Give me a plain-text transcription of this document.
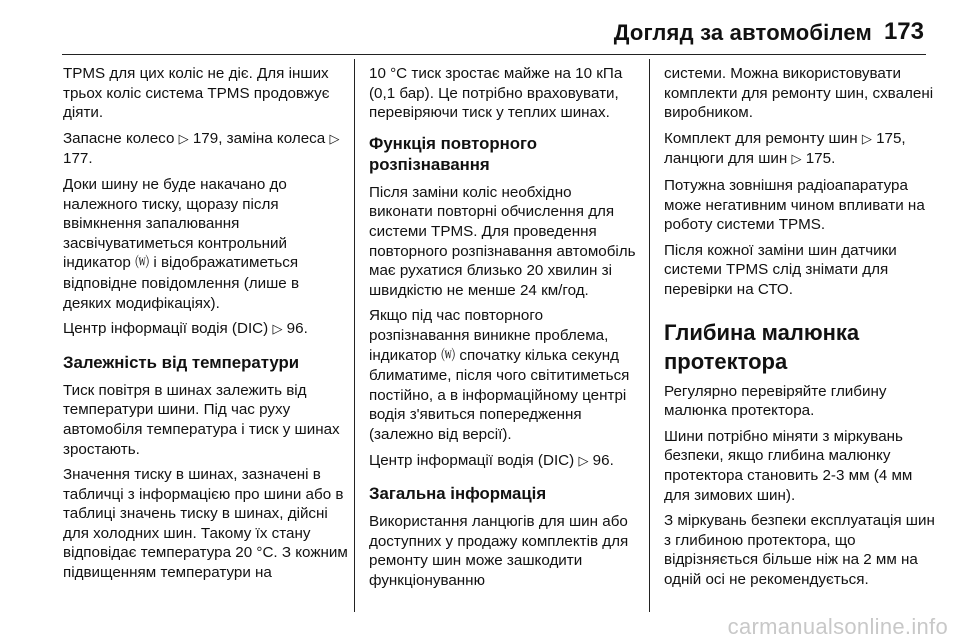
Догляд за автомобілем 173

TPMS для цих коліс не діє. Для інших трьох коліс система TPMS продовжує діяти.

Запасне колесо ▷ 179, заміна колеса ▷ 177.

Доки шину не буде накачано до належного тиску, щоразу після ввімкнення запалювання засвічуватиметься контрольний індикатор ⒲ і відображатиметься відповідне повідомлення (лише в деяких модифікаціях).

Центр інформації водія (DIC) ▷ 96.

Залежність від температури

Тиск повітря в шинах залежить від температури шини. Під час руху автомобіля температура і тиск у шинах зростають.

Значення тиску в шинах, зазначені в табличці з інформацією про шини або в таблиці значень тиску в шинах, дійсні для холодних шин. Такому їх стану відповідає температура 20 °C. З кожним підвищенням температури на

10 °C тиск зростає майже на 10 кПа (0,1 бар). Це потрібно враховувати, перевіряючи тиск у теплих шинах.

Функція повторного розпізнавання

Після заміни коліс необхідно виконати повторні обчислення для системи TPMS. Для проведення повторного розпізнавання автомобіль має рухатися близько 20 хвилин зі швидкістю не менше 24 км/год.

Якщо під час повторного розпізнавання виникне проблема, індикатор ⒲ спочатку кілька секунд блиматиме, після чого світитиметься постійно, а в інформаційному центрі водія з'явиться попередження (залежно від версії).

Центр інформації водія (DIC) ▷ 96.

Загальна інформація

Використання ланцюгів для шин або доступних у продажу комплектів для ремонту шин може зашкодити функціонуванню

системи. Можна використовувати комплекти для ремонту шин, схвалені виробником.

Комплект для ремонту шин ▷ 175, ланцюги для шин ▷ 175.

Потужна зовнішня радіоапаратура може негативним чином впливати на роботу системи TPMS.

Після кожної заміни шин датчики системи TPMS слід знімати для перевірки на СТО.

Глибина малюнка протектора

Регулярно перевіряйте глибину малюнка протектора.

Шини потрібно міняти з міркувань безпеки, якщо глибина малюнку протектора становить 2-3 мм (4 мм для зимових шин).

З міркувань безпеки експлуатація шин з глибиною протектора, що відрізняється більше ніж на 2 мм на одній осі не рекомендується.

carmanualsonline.info
